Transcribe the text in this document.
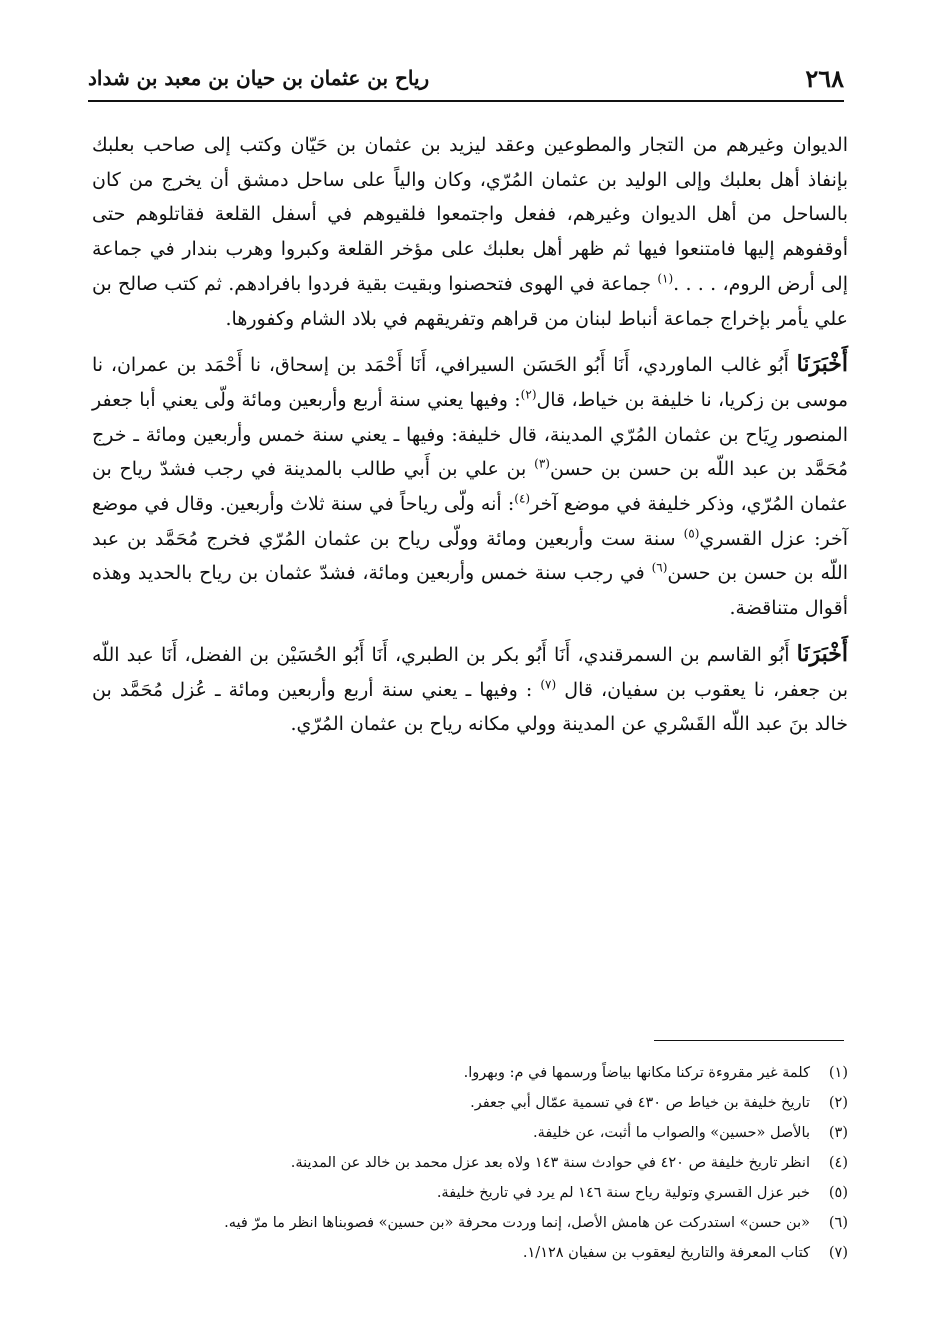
٢٦٨
رياح بن عثمان بن حيان بن معبد بن شداد

الديوان وغيرهم من التجار والمطوعين وعقد ليزيد بن عثمان بن حَيّان وكتب إلى صاحب بعلبك بإنفاذ أهل بعلبك وإلى الوليد بن عثمان المُرّي، وكان والياً على ساحل دمشق أن يخرج من كان بالساحل من أهل الديوان وغيرهم، ففعل واجتمعوا فلقيوهم في أسفل القلعة فقاتلوهم حتى أوقفوهم إليها فامتنعوا فيها ثم ظهر أهل بعلبك على مؤخر القلعة وكبروا وهرب بندار في جماعة إلى أرض الروم، . . . .$^{(١)}$ جماعة في الهوى فتحصنوا وبقيت بقية فردوا بافرادهم. ثم كتب صالح بن علي يأمر بإخراج جماعة أنباط لبنان من قراهم وتفريقهم في بلاد الشام وكفورها.

أَخْبَرَنَا أَبُو غالب الماوردي، أَنَا أَبُو الحَسَن السيرافي، أَنَا أَحْمَد بن إسحاق، نا أَحْمَد بن عمران، نا موسى بن زكريا، نا خليفة بن خياط، قال$^{(٢)}$: وفيها يعني سنة أربع وأربعين ومائة ولّى يعني أبا جعفر المنصور رِيَاح بن عثمان المُرّي المدينة، قال خليفة: وفيها ـ يعني سنة خمس وأربعين ومائة ـ خرج مُحَمَّد بن عبد اللّه بن حسن بن حسن$^{(٣)}$ بن علي بن أَبي طالب بالمدينة في رجب فشدّ رياح بن عثمان المُرّي، وذكر خليفة في موضع آخر$^{(٤)}$: أنه ولّى رياحاً في سنة ثلاث وأربعين. وقال في موضع آخر: عزل القسري$^{(٥)}$ سنة ست وأربعين ومائة وولّى رياح بن عثمان المُرّي فخرج مُحَمَّد بن عبد اللّه بن حسن بن حسن$^{(٦)}$ في رجب سنة خمس وأربعين ومائة، فشدّ عثمان بن رياح بالحديد وهذه أقوال متناقضة.

أَخْبَرَنَا أَبُو القاسم بن السمرقندي، أَنَا أَبُو بكر بن الطبري، أَنَا أَبُو الحُسَيْن بن الفضل، أَنَا عبد اللّه بن جعفر، نا يعقوب بن سفيان، قال $^{(٧)}$ : وفيها ـ يعني سنة أربع وأربعين ومائة ـ عُزل مُحَمَّد بن خالد بنَ عبد اللّه القَسْري عن المدينة وولي مكانه رياح بن عثمان المُرّي.

(١)
كلمة غير مقروءة تركنا مكانها بياضاً ورسمها في م: وبهروا.
(٢)
تاريخ خليفة بن خياط ص ٤٣٠ في تسمية عمّال أبي جعفر.
(٣)
بالأصل «حسين» والصواب ما أثبت، عن خليفة.
(٤)
انظر تاريخ خليفة ص ٤٢٠ في حوادث سنة ١٤٣ ولاه بعد عزل محمد بن خالد عن المدينة.
(٥)
خبر عزل القسري وتولية رياح سنة ١٤٦ لم يرد في تاريخ خليفة.
(٦)
«بن حسن» استدركت عن هامش الأصل، إنما وردت محرفة «بن حسين» فصوبناها انظر ما مرّ فيه.
(٧)
كتاب المعرفة والتاريخ ليعقوب بن سفيان ١/١٢٨.
